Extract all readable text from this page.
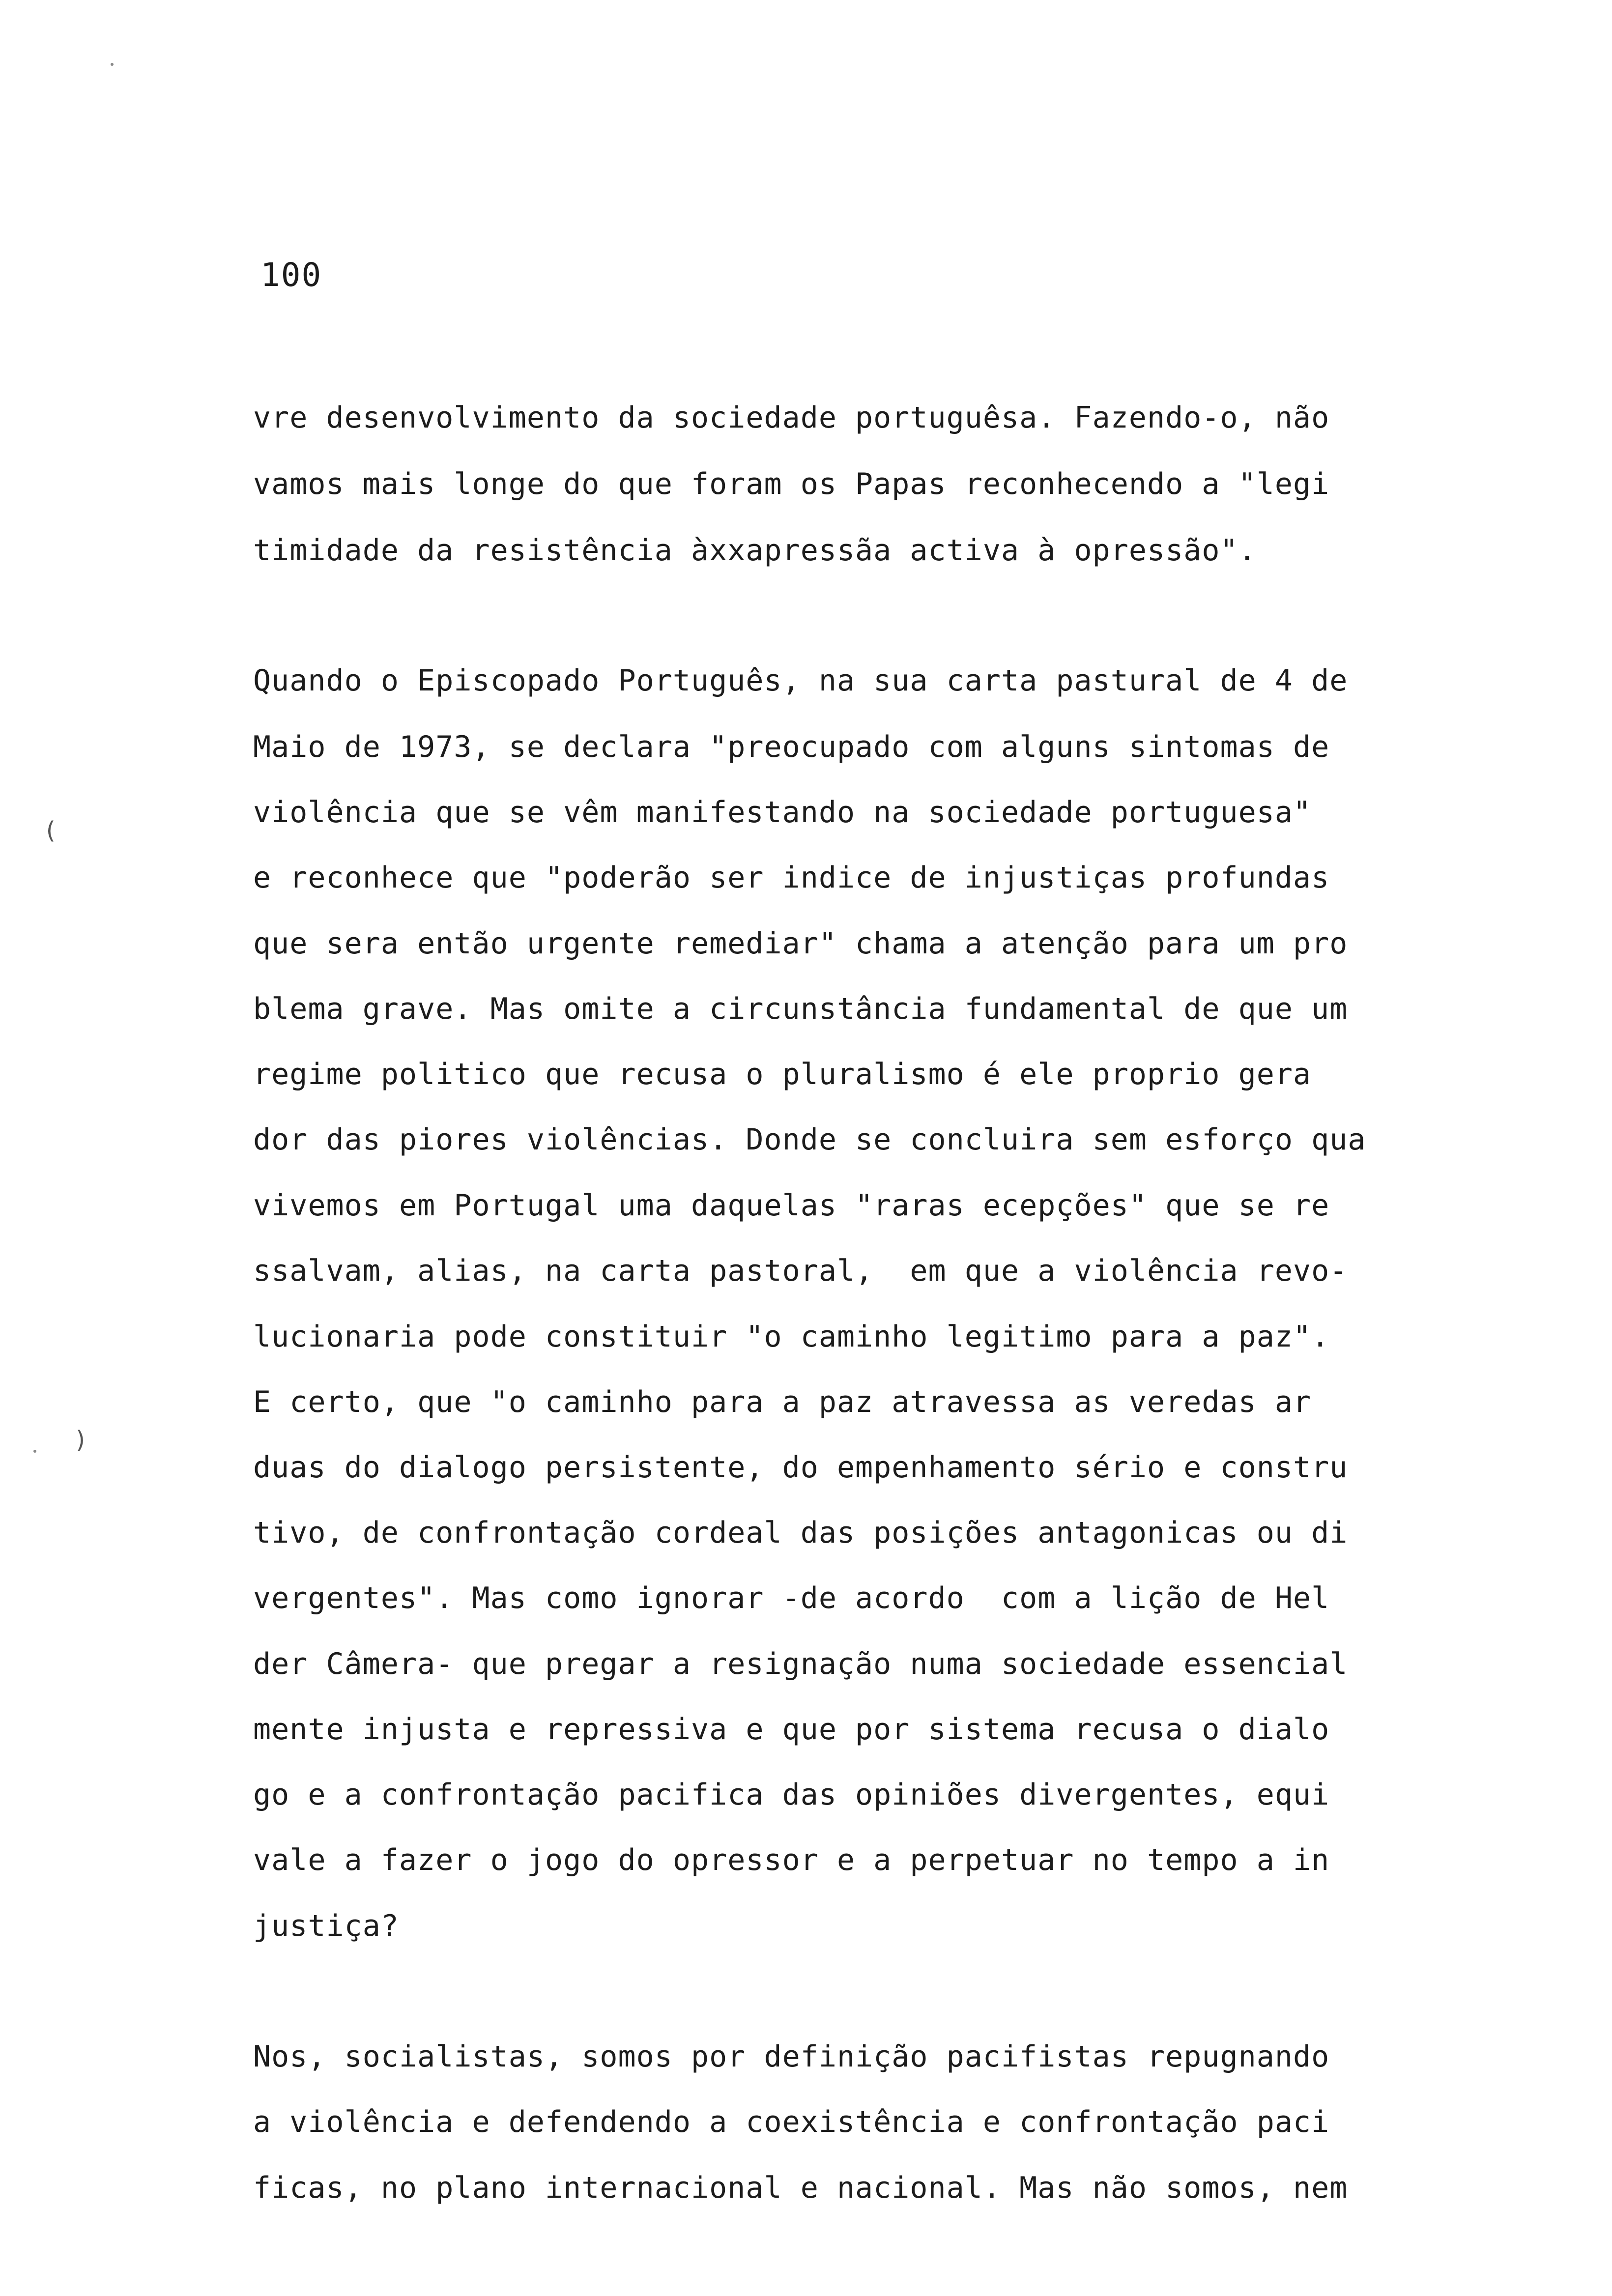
100
vre desenvolvimento da sociedade portuguêsa. Fazendo-o, não
vamos mais longe do que foram os Papas reconhecendo a "legi
timidade da resistência àxxapressãa activa à opressão".
Quando o Episcopado Português, na sua carta pastural de 4 de
Maio de 1973, se declara "preocupado com alguns sintomas de
violência que se vêm manifestando na sociedade portuguesa"
e reconhece que "poderão ser indice de injustiças profundas
que sera então urgente remediar" chama a atenção para um pro
blema grave. Mas omite a circunstância fundamental de que um
regime politico que recusa o pluralismo é ele proprio gera
dor das piores violências. Donde se concluira sem esforço qua
vivemos em Portugal uma daquelas "raras ecepções" que se re
ssalvam, alias, na carta pastoral,  em que a violência revo-
lucionaria pode constituir "o caminho legitimo para a paz".
E certo, que "o caminho para a paz atravessa as veredas ar
duas do dialogo persistente, do empenhamento sério e constru
tivo, de confrontação cordeal das posições antagonicas ou di
vergentes". Mas como ignorar -de acordo  com a lição de Hel
der Câmera- que pregar a resignação numa sociedade essencial
mente injusta e repressiva e que por sistema recusa o dialo
go e a confrontação pacifica das opiniões divergentes, equi
vale a fazer o jogo do opressor e a perpetuar no tempo a in
justiça?
Nos, socialistas, somos por definição pacifistas repugnando
a violência e defendendo a coexistência e confrontação paci
ficas, no plano internacional e nacional. Mas não somos, nem
(
)
